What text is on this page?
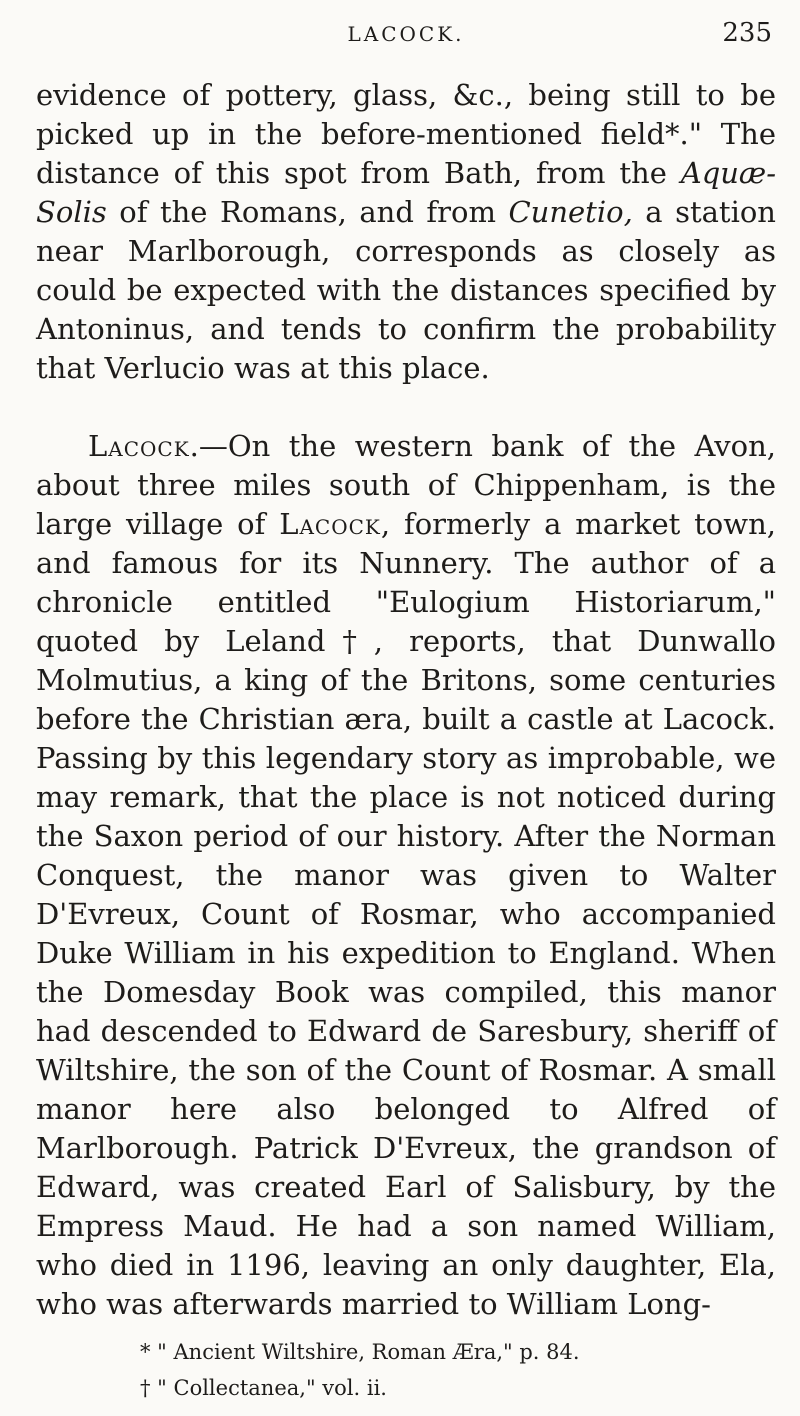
LACOCK.	235

evidence of pottery, glass, &c., being still to be picked up in the before-mentioned field*." The distance of this spot from Bath, from the Aquæ-Solis of the Romans, and from Cunetio, a station near Marlborough, corresponds as closely as could be expected with the distances specified by Antoninus, and tends to confirm the probability that Verlucio was at this place.

Lacock.—On the western bank of the Avon, about three miles south of Chippenham, is the large village of Lacock, formerly a market town, and famous for its Nunnery. The author of a chronicle entitled "Eulogium Historiarum," quoted by Leland†, reports, that Dunwallo Molmutius, a king of the Britons, some centuries before the Christian æra, built a castle at Lacock. Passing by this legendary story as improbable, we may remark, that the place is not noticed during the Saxon period of our history. After the Norman Conquest, the manor was given to Walter D'Evreux, Count of Rosmar, who accompanied Duke William in his expedition to England. When the Domesday Book was compiled, this manor had descended to Edward de Saresbury, sheriff of Wiltshire, the son of the Count of Rosmar. A small manor here also belonged to Alfred of Marlborough. Patrick D'Evreux, the grandson of Edward, was created Earl of Salisbury, by the Empress Maud. He had a son named William, who died in 1196, leaving an only daughter, Ela, who was afterwards married to William Long-

* " Ancient Wiltshire, Roman Æra," p. 84.
† " Collectanea," vol. ii.
